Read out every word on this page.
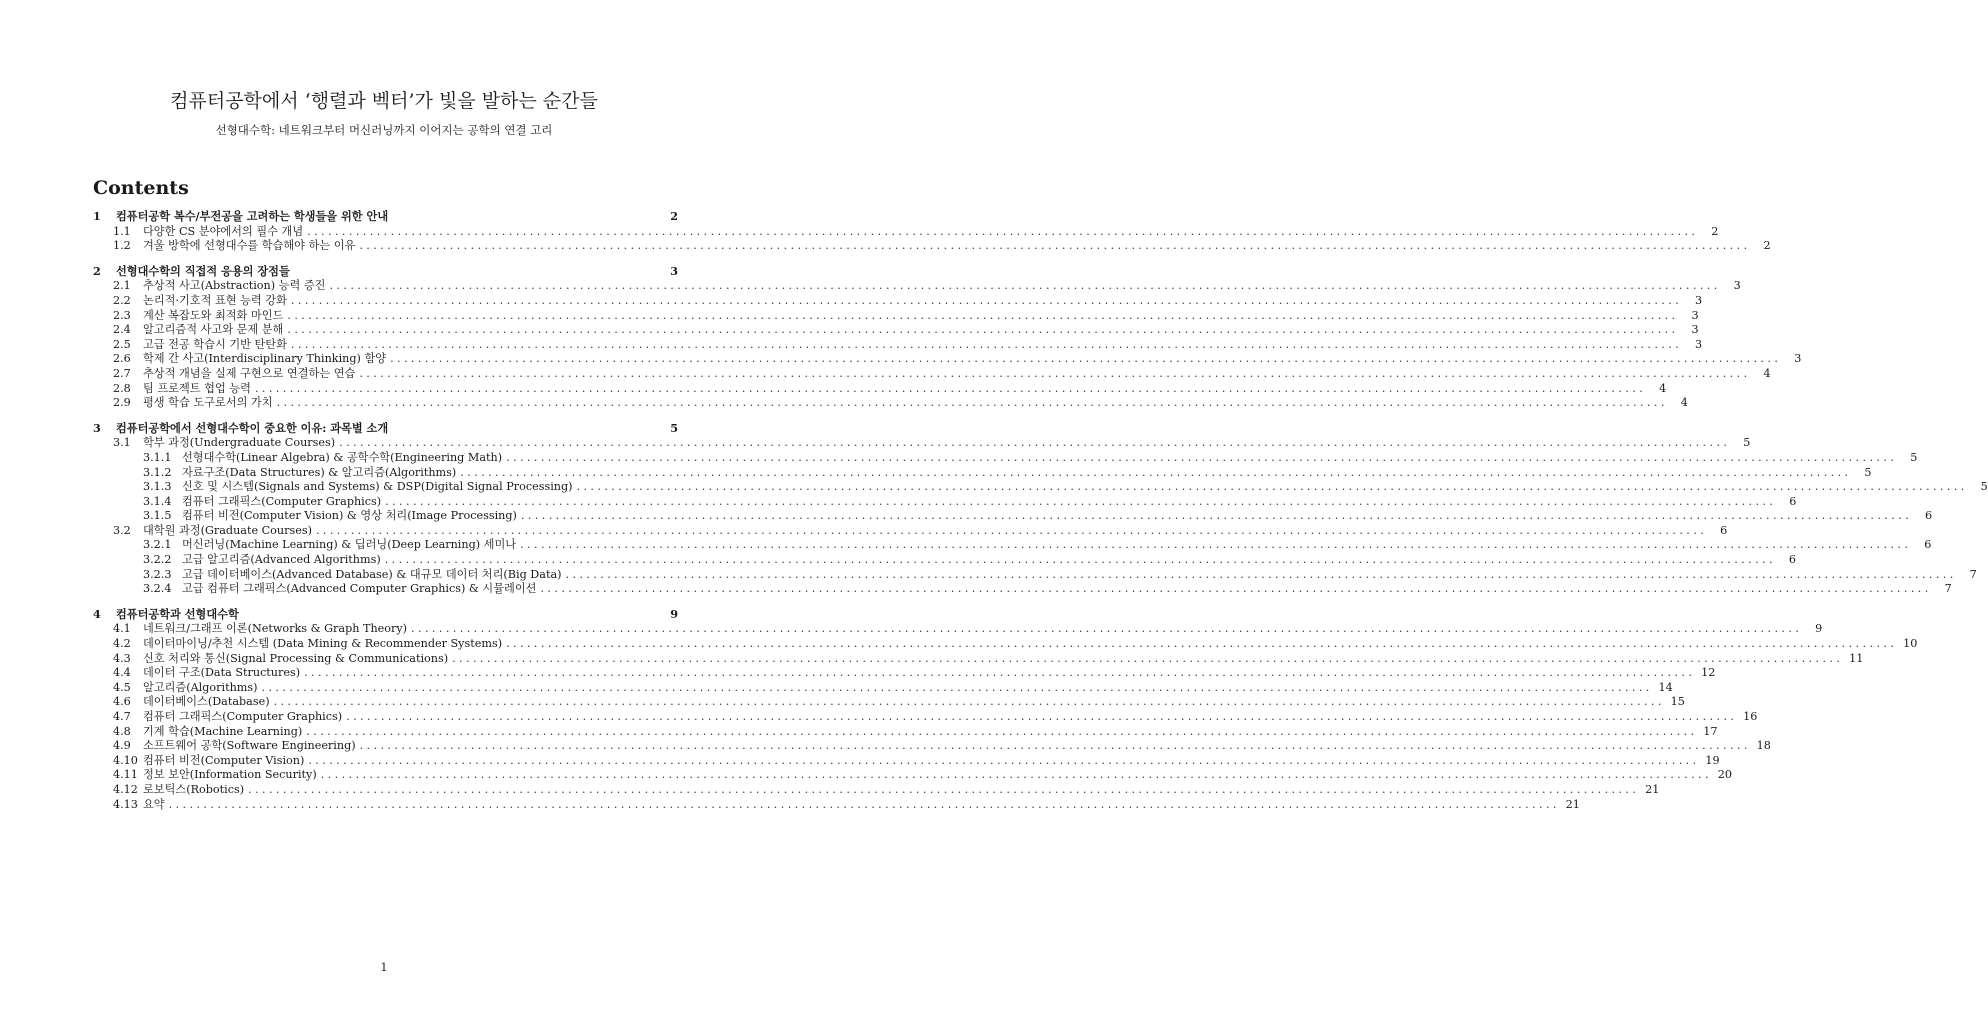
컴퓨터공학에서 ‘행렬과 벡터’가 빛을 발하는 순간들
선형대수학: 네트워크부터 머신러닝까지 이어지는 공학의 연결 고리
Contents
1	컴퓨터공학 복수/부전공을 고려하는 학생들을 위한 안내	2
1.1	다양한 CS 분야에서의 필수 개념 ........................................................................................................................................................................................................	2
1.2	겨울 방학에 선형대수를 학습해야 하는 이유 ........................................................................................................................................................................................................	2
2	선형대수학의 직접적 응용의 장점들	3
2.1	추상적 사고(Abstraction) 능력 증진 ........................................................................................................................................................................................................	3
2.2	논리적·기호적 표현 능력 강화 ........................................................................................................................................................................................................	3
2.3	계산 복잡도와 최적화 마인드 ........................................................................................................................................................................................................	3
2.4	알고리즘적 사고와 문제 분해 ........................................................................................................................................................................................................	3
2.5	고급 전공 학습시 기반 탄탄화 ........................................................................................................................................................................................................	3
2.6	학제 간 사고(Interdisciplinary Thinking) 함양 ........................................................................................................................................................................................................	3
2.7	추상적 개념을 실제 구현으로 연결하는 연습 ........................................................................................................................................................................................................	4
2.8	팀 프로젝트 협업 능력 ........................................................................................................................................................................................................	4
2.9	평생 학습 도구로서의 가치 ........................................................................................................................................................................................................	4
3	컴퓨터공학에서 선형대수학이 중요한 이유: 과목별 소개	5
3.1	학부 과정(Undergraduate Courses) ........................................................................................................................................................................................................	5
3.1.1 선형대수학(Linear Algebra) & 공학수학(Engineering Math) ........................................................................................................................................................................................................	5
3.1.2 자료구조(Data Structures) & 알고리즘(Algorithms) ........................................................................................................................................................................................................	5
3.1.3 신호 및 시스템(Signals and Systems) & DSP(Digital Signal Processing) ........................................................................................................................................................................................................	5
3.1.4 컴퓨터 그래픽스(Computer Graphics) ........................................................................................................................................................................................................	6
3.1.5 컴퓨터 비전(Computer Vision) & 영상 처리(Image Processing) ........................................................................................................................................................................................................	6
3.2	대학원 과정(Graduate Courses) ........................................................................................................................................................................................................	6
3.2.1 머신러닝(Machine Learning) & 딥러닝(Deep Learning) 세미나 ........................................................................................................................................................................................................	6
3.2.2 고급 알고리즘(Advanced Algorithms) ........................................................................................................................................................................................................	6
3.2.3 고급 데이터베이스(Advanced Database) & 대규모 데이터 처리(Big Data) ........................................................................................................................................................................................................	7
3.2.4 고급 컴퓨터 그래픽스(Advanced Computer Graphics) & 시뮬레이션 ........................................................................................................................................................................................................	7
4	컴퓨터공학과 선형대수학	9
4.1	네트워크/그래프 이론(Networks & Graph Theory) ........................................................................................................................................................................................................	9
4.2	데이터마이닝/추천 시스템 (Data Mining & Recommender Systems) ........................................................................................................................................................................................................ 10
4.3	신호 처리와 통신(Signal Processing & Communications) ........................................................................................................................................................................................................ 11
4.4	데이터 구조(Data Structures) ........................................................................................................................................................................................................ 12
4.5	알고리즘(Algorithms) ........................................................................................................................................................................................................ 14
4.6	데이터베이스(Database) ........................................................................................................................................................................................................ 15
4.7	컴퓨터 그래픽스(Computer Graphics) ........................................................................................................................................................................................................ 16
4.8	기계 학습(Machine Learning) ........................................................................................................................................................................................................ 17
4.9	소프트웨어 공학(Software Engineering) ........................................................................................................................................................................................................ 18
4.10 컴퓨터 비전(Computer Vision) ........................................................................................................................................................................................................ 19
4.11 정보 보안(Information Security) ........................................................................................................................................................................................................ 20
4.12 로보틱스(Robotics) ........................................................................................................................................................................................................ 21
4.13 요약 ........................................................................................................................................................................................................ 21
1
